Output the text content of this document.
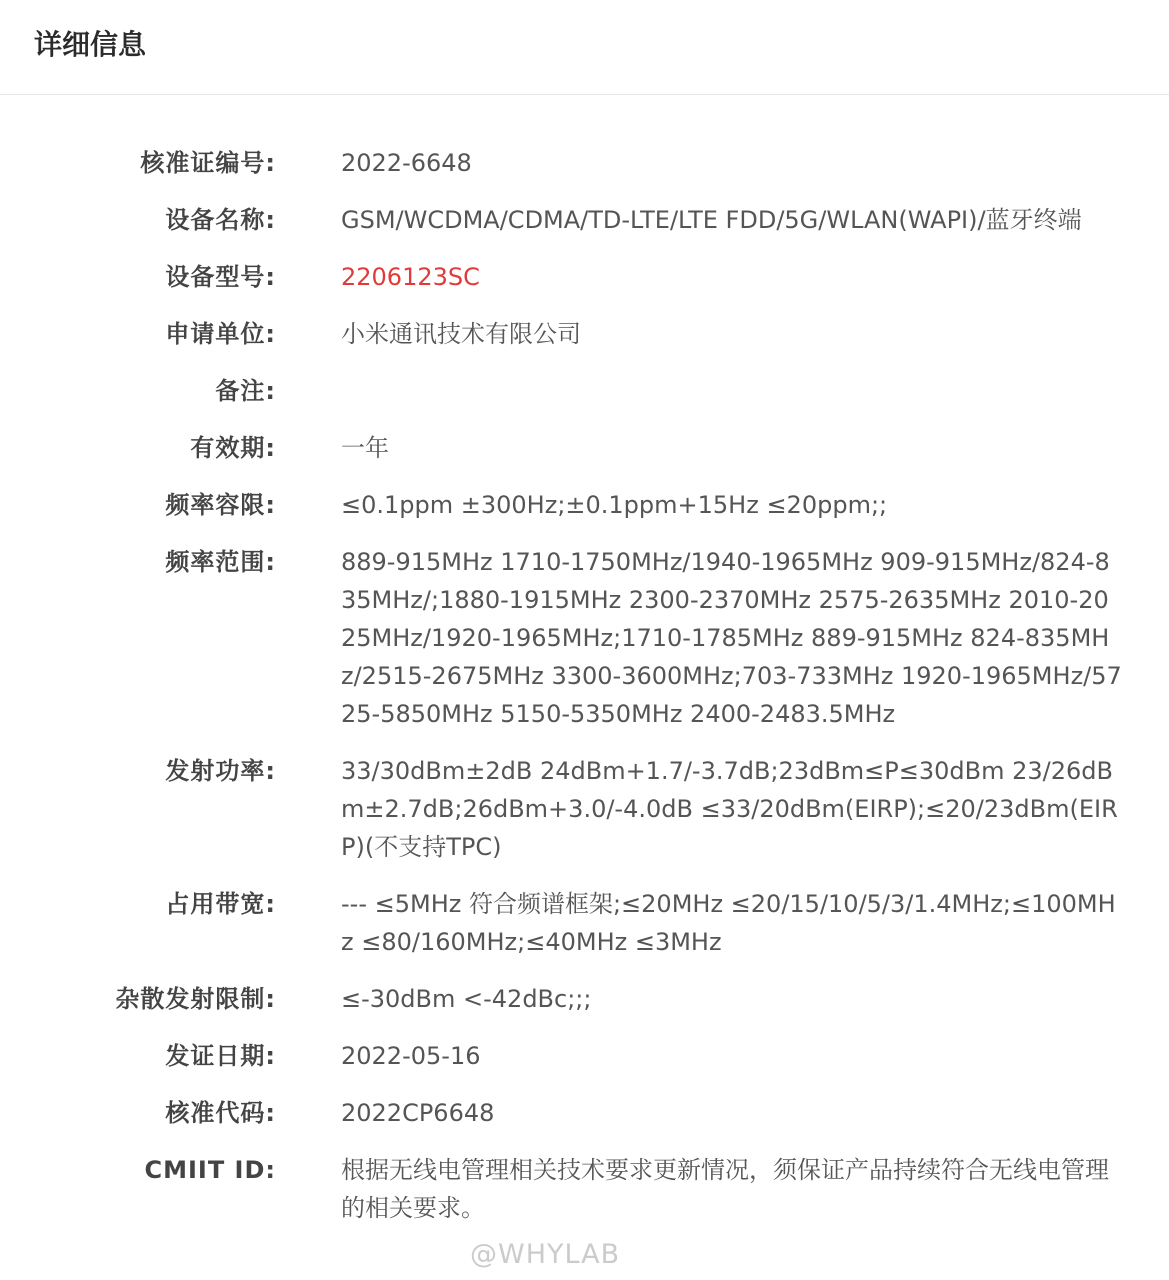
详细信息
核准证编号:	2022-6648
设备名称:	GSM/WCDMA/CDMA/TD-LTE/LTE FDD/5G/WLAN(WAPI)/蓝牙终端
设备型号:	2206123SC
申请单位:	小米通讯技术有限公司
备注:
有效期:	一年
频率容限:	≤0.1ppm ±300Hz;±0.1ppm+15Hz ≤20ppm;;
频率范围:	889-915MHz 1710-1750MHz/1940-1965MHz 909-915MHz/824-835MHz/;1880-1915MHz 2300-2370MHz 2575-2635MHz 2010-2025MHz/1920-1965MHz;1710-1785MHz 889-915MHz 824-835MHz/2515-2675MHz 3300-3600MHz;703-733MHz 1920-1965MHz/5725-5850MHz 5150-5350MHz 2400-2483.5MHz
发射功率:	33/30dBm±2dB 24dBm+1.7/-3.7dB;23dBm≤P≤30dBm 23/26dBm±2.7dB;26dBm+3.0/-4.0dB ≤33/20dBm(EIRP);≤20/23dBm(EIRP)(不支持TPC)
占用带宽:	--- ≤5MHz 符合频谱框架;≤20MHz ≤20/15/10/5/3/1.4MHz;≤100MHz ≤80/160MHz;≤40MHz ≤3MHz
杂散发射限制:	≤-30dBm <-42dBc;;;
发证日期:	2022-05-16
核准代码:	2022CP6648
CMIIT ID:	根据无线电管理相关技术要求更新情况，须保证产品持续符合无线电管理的相关要求。
@WHYLAB
